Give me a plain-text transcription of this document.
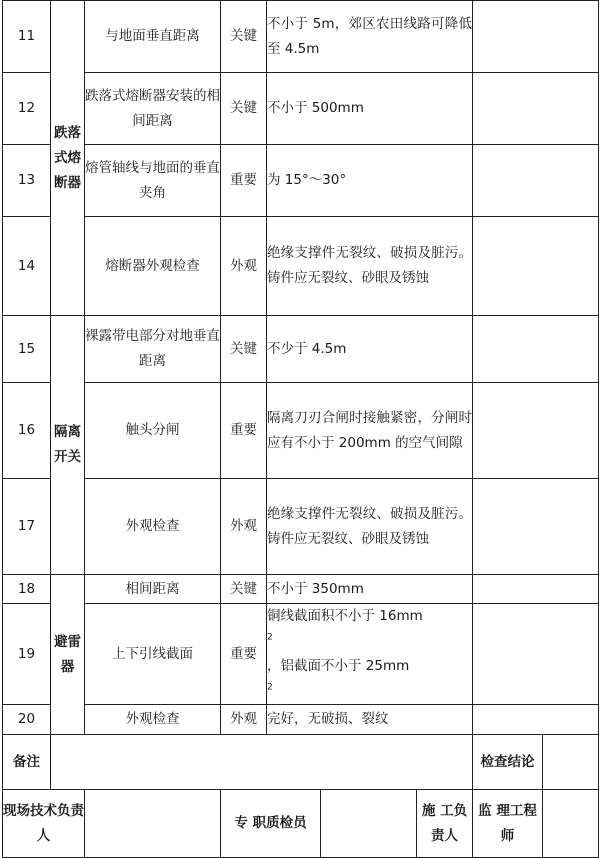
11	跌落式熔断器	与地面垂直距离	关键	不小于 5m，郊区农田线路可降低至 4.5m				

12		跌落式熔断器安装的相间距离	关键	不小于 500mm				

13		熔管轴线与地面的垂直夹角	重要	为 15°～30°				

14		熔断器外观检查	外观	绝缘支撑件无裂纹、破损及脏污。铸件应无裂纹、砂眼及锈蚀				

15	隔离开关	裸露带电部分对地垂直距离	关键	不少于 4.5m				

16		触头分闸	重要	隔离刀刃合闸时接触紧密，分闸时应有不小于 200mm 的空气间隙				

17		外观检查	外观	绝缘支撑件无裂纹、破损及脏污。铸件应无裂纹、砂眼及锈蚀				

18	避雷器	相间距离	关键	不小于 350mm				

19		上下引线截面	重要	铜线截面积不小于 16mm
$^2$
，铝截面不小于 25mm
$^2$

20		外观检查	外观	完好，无破损、裂纹				

备注							检查结论	
现场技术负责人			专 职质检员			施 工负责人	监 理工程师	
